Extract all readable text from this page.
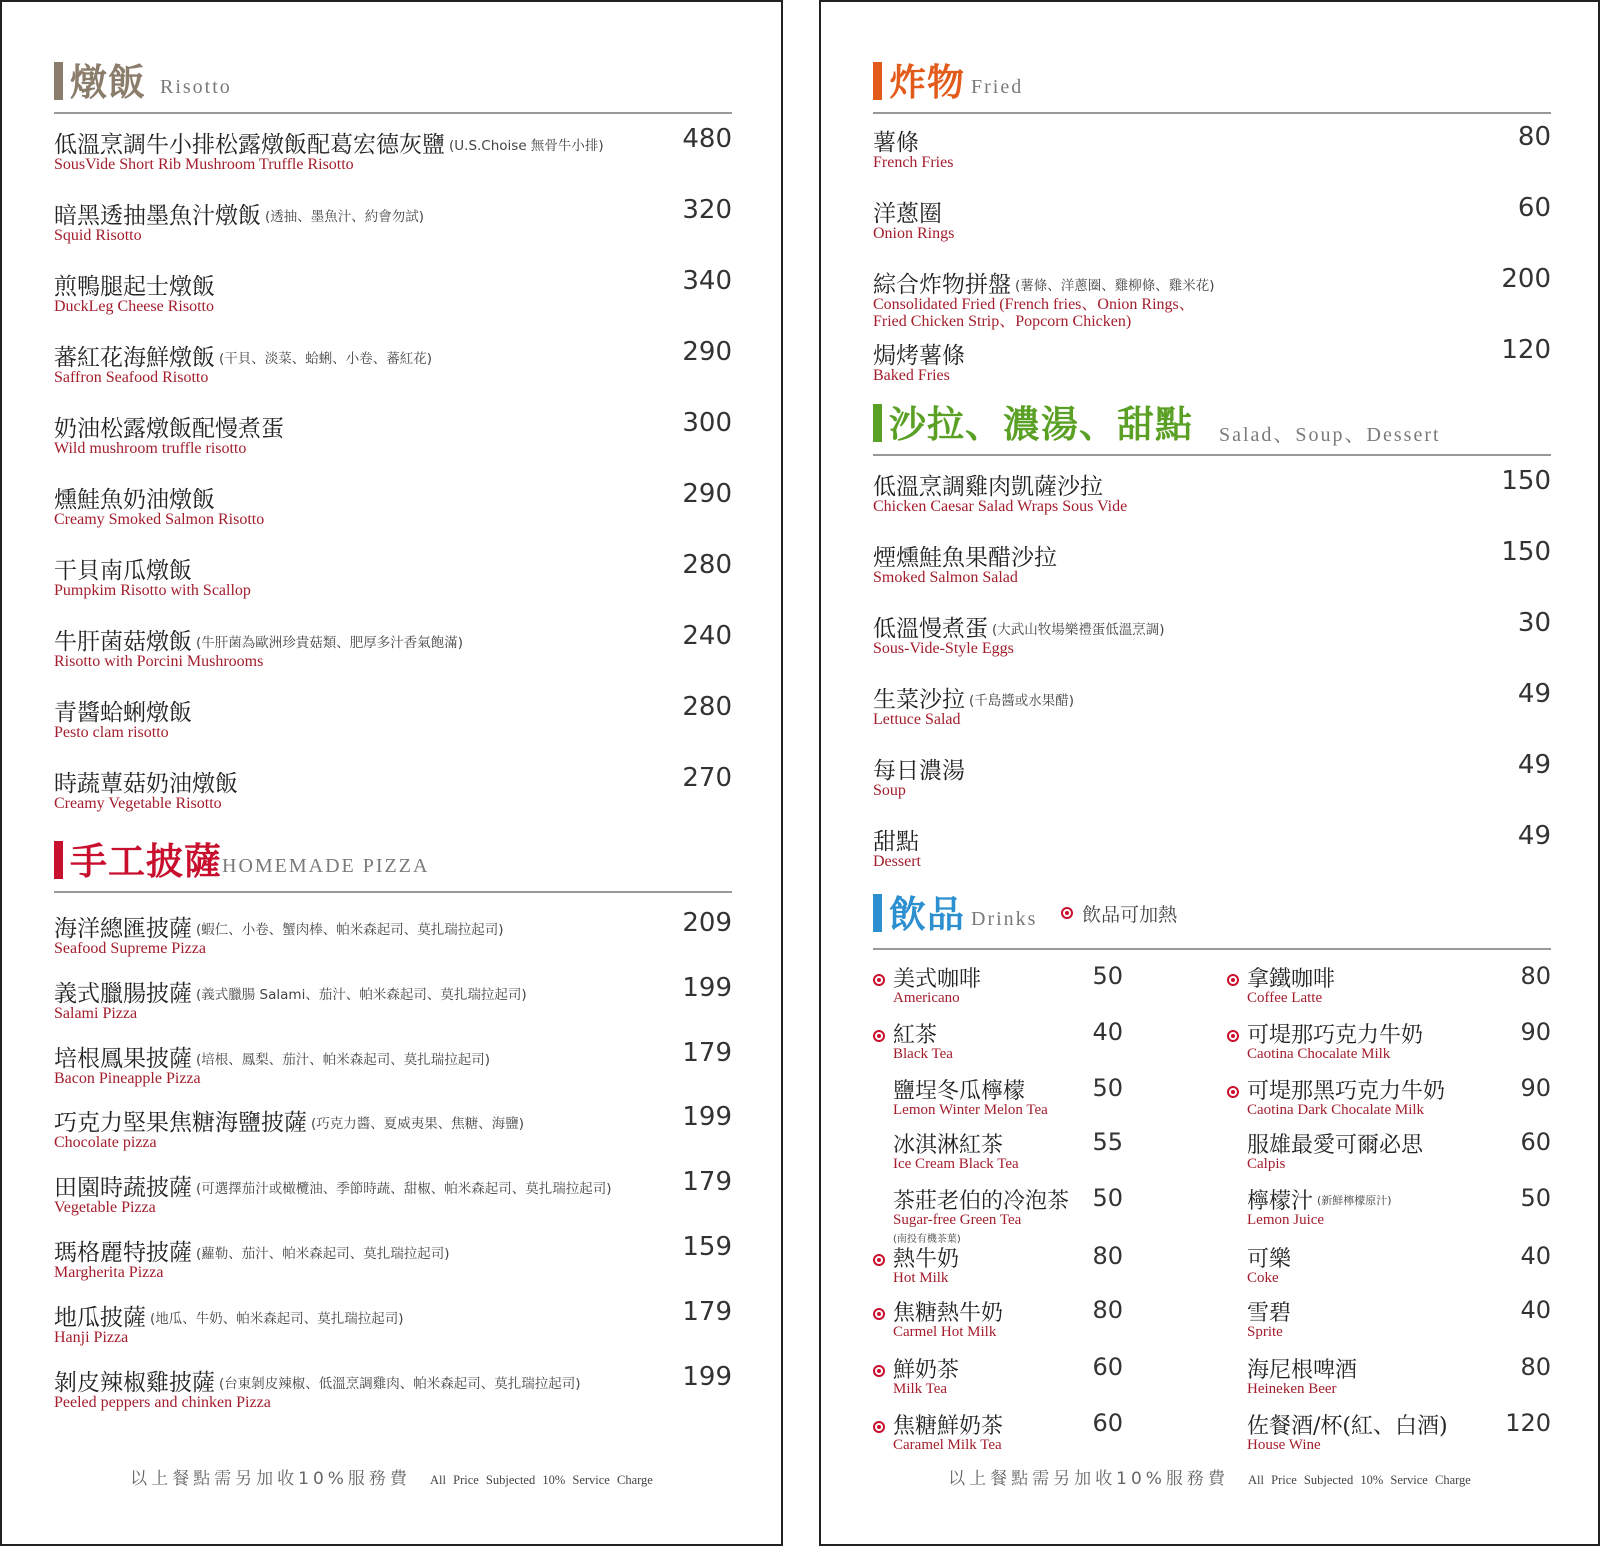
燉飯 Risotto
低溫烹調牛小排松露燉飯配葛宏德灰鹽 (U.S.Choise 無骨牛小排)
SousVide Short Rib Mushroom Truffle Risotto
480
暗黑透抽墨魚汁燉飯 (透抽、墨魚汁、約會勿試)
Squid Risotto
320
煎鴨腿起士燉飯
DuckLeg Cheese Risotto
340
蕃紅花海鮮燉飯 (干貝、淡菜、蛤蜊、小卷、蕃紅花)
Saffron Seafood Risotto
290
奶油松露燉飯配慢煮蛋
Wild mushroom truffle risotto
300
燻鮭魚奶油燉飯
Creamy Smoked Salmon Risotto
290
干貝南瓜燉飯
Pumpkim Risotto with Scallop
280
牛肝菌菇燉飯 (牛肝菌為歐洲珍貴菇類、肥厚多汁香氣飽滿)
Risotto with Porcini Mushrooms
240
青醬蛤蜊燉飯
Pesto clam risotto
280
時蔬蕈菇奶油燉飯
Creamy Vegetable Risotto
270
手工披薩 HOMEMADE PIZZA
海洋總匯披薩 (蝦仁、小卷、蟹肉棒、帕米森起司、莫扎瑞拉起司)
Seafood Supreme Pizza
209
義式臘腸披薩 (義式臘腸 Salami、茄汁、帕米森起司、莫扎瑞拉起司)
Salami Pizza
199
培根鳳果披薩 (培根、鳳梨、茄汁、帕米森起司、莫扎瑞拉起司)
Bacon Pineapple Pizza
179
巧克力堅果焦糖海鹽披薩 (巧克力醬、夏威夷果、焦糖、海鹽)
Chocolate pizza
199
田園時蔬披薩 (可選擇茄汁或橄欖油、季節時蔬、甜椒、帕米森起司、莫扎瑞拉起司)
Vegetable Pizza
179
瑪格麗特披薩 (蘿勒、茄汁、帕米森起司、莫扎瑞拉起司)
Margherita Pizza
159
地瓜披薩 (地瓜、牛奶、帕米森起司、莫扎瑞拉起司)
Hanji Pizza
179
剝皮辣椒雞披薩 (台東剝皮辣椒、低溫烹調雞肉、帕米森起司、莫扎瑞拉起司)
Peeled peppers and chinken Pizza
199
以上餐點需另加收10%服務費 All Price Subjected 10% Service Charge
炸物 Fried
薯條
French Fries
80
洋蔥圈
Onion Rings
60
綜合炸物拼盤 (薯條、洋蔥圈、雞柳條、雞米花)
Consolidated Fried (French fries、Onion Rings、
Fried Chicken Strip、Popcorn Chicken)
200
焗烤薯條
Baked Fries
120
沙拉、濃湯、甜點 Salad、Soup、Dessert
低溫烹調雞肉凱薩沙拉
Chicken Caesar Salad Wraps Sous Vide
150
煙燻鮭魚果醋沙拉
Smoked Salmon Salad
150
低溫慢煮蛋 (大武山牧場樂禮蛋低溫烹調)
Sous-Vide-Style Eggs
30
生菜沙拉 (千島醬或水果醋)
Lettuce Salad
49
每日濃湯
Soup
49
甜點
Dessert
49
飲品 Drinks	飲品可加熱
美式咖啡
Americano
50
紅茶
Black Tea
40
鹽埕冬瓜檸檬
Lemon Winter Melon Tea
50
冰淇淋紅茶
Ice Cream Black Tea
55
茶莊老伯的冷泡茶
Sugar-free Green Tea
(南投有機茶葉)
50
熱牛奶
Hot Milk
80
焦糖熱牛奶
Carmel Hot Milk
80
鮮奶茶
Milk Tea
60
焦糖鮮奶茶
Caramel Milk Tea
60
拿鐵咖啡
Coffee Latte
80
可堤那巧克力牛奶
Caotina Chocalate Milk
90
可堤那黑巧克力牛奶
Caotina Dark Chocalate Milk
90
服雄最愛可爾必思
Calpis
60
檸檬汁 (新鮮檸檬原汁)
Lemon Juice
50
可樂
Coke
40
雪碧
Sprite
40
海尼根啤酒
Heineken Beer
80
佐餐酒/杯(紅、白酒)
House Wine
120
以上餐點需另加收10%服務費 All Price Subjected 10% Service Charge
